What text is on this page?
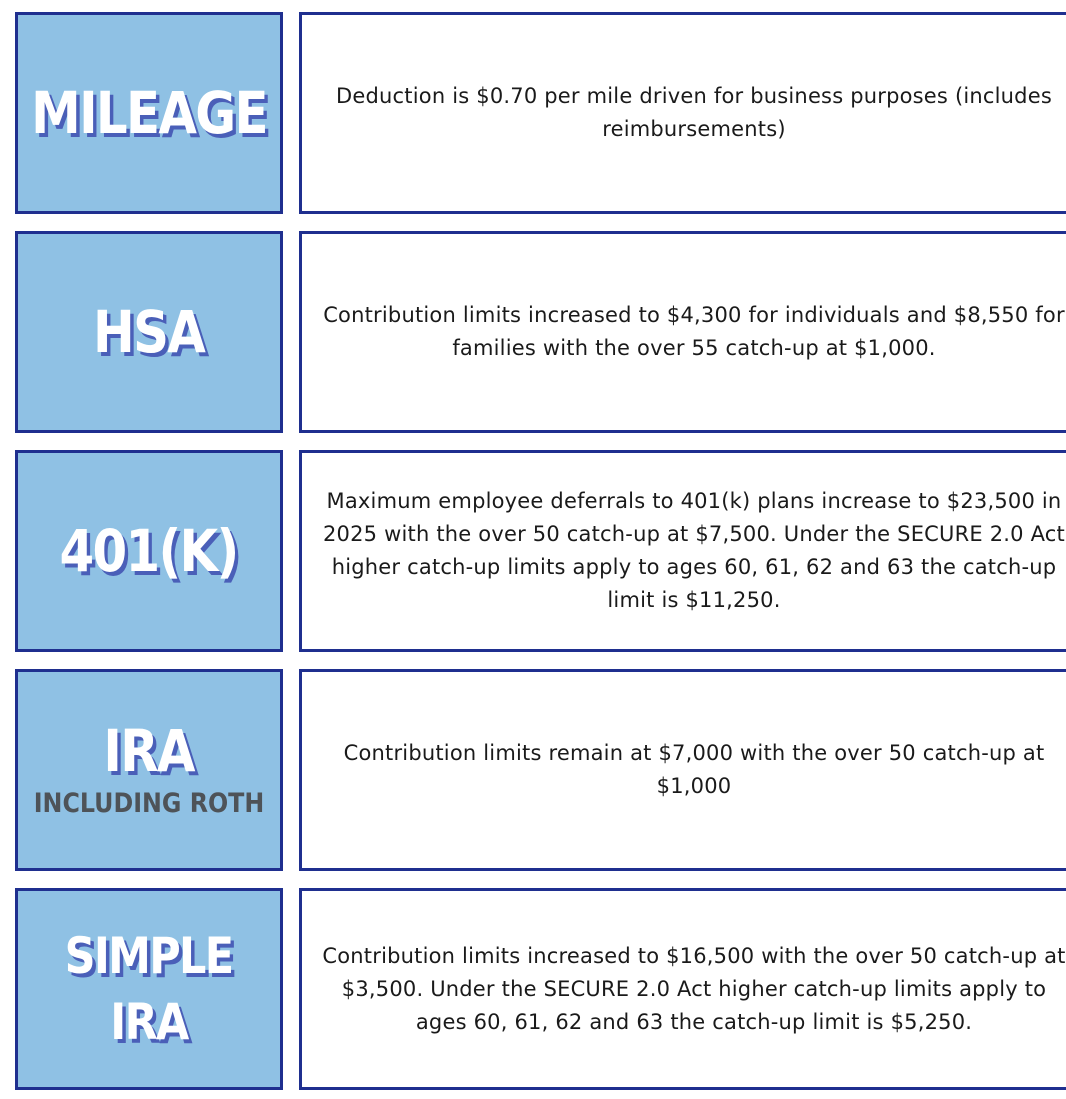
MILEAGE	Deduction is $0.70 per mile driven for business purposes (includes reimbursements)
HSA	Contribution limits increased to $4,300 for individuals and $8,550 for families with the over 55 catch-up at $1,000.
401(K)
Maximum employee deferrals to 401(k) plans increase to $23,500 in 2025 with the over 50 catch-up at $7,500. Under the SECURE 2.0 Act higher catch-up limits apply to ages 60, 61, 62 and 63 the catch-up limit is $11,250.
IRA
INCLUDING ROTH
Contribution limits remain at $7,000 with the over 50 catch-up at $1,000
SIMPLE
IRA
Contribution limits increased to $16,500 with the over 50 catch-up at $3,500. Under the SECURE 2.0 Act higher catch-up limits apply to ages 60, 61, 62 and 63 the catch-up limit is $5,250.
